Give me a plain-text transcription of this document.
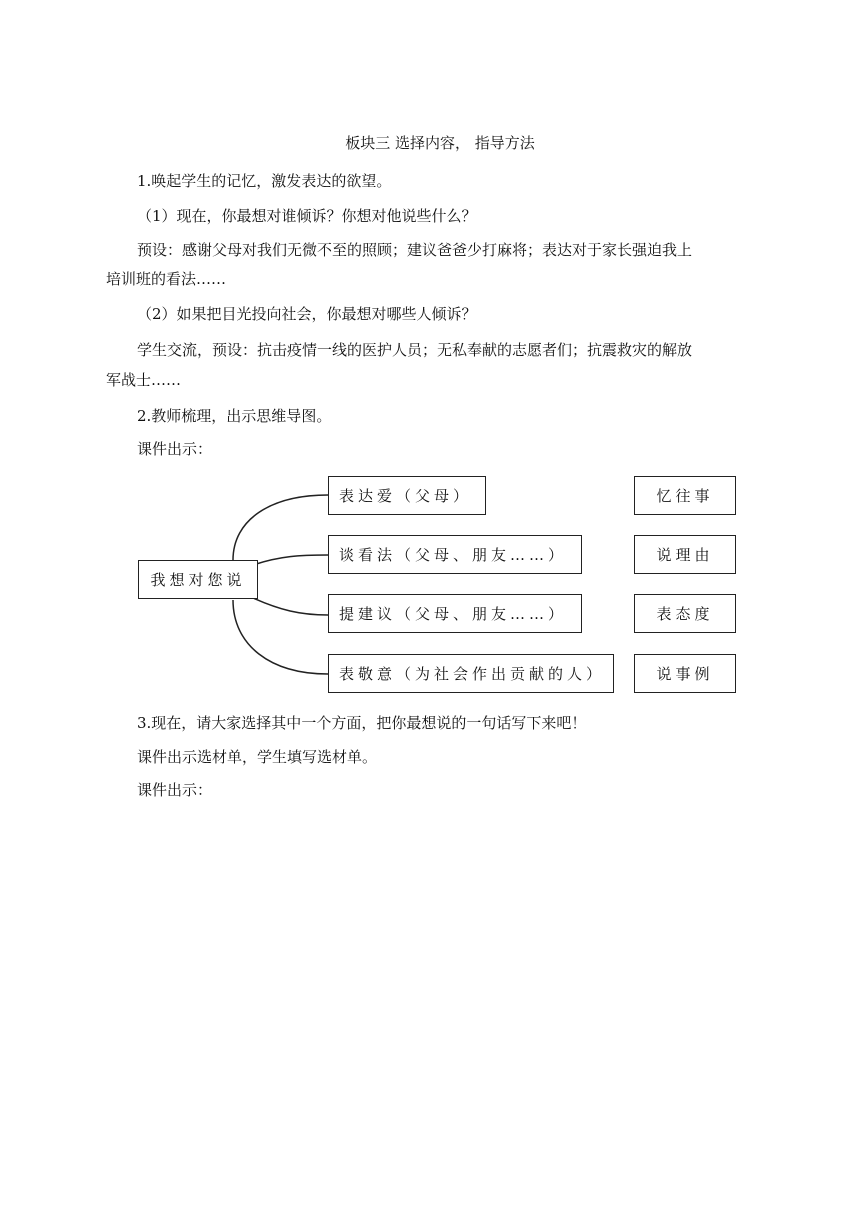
板块三 选择内容， 指导方法
1.唤起学生的记忆，激发表达的欲望。
（1）现在，你最想对谁倾诉？你想对他说些什么？
预设：感谢父母对我们无微不至的照顾；建议爸爸少打麻将；表达对于家长强迫我上
培训班的看法……
（2）如果把目光投向社会，你最想对哪些人倾诉？
学生交流，预设：抗击疫情一线的医护人员；无私奉献的志愿者们；抗震救灾的解放
军战士……
2.教师梳理，出示思维导图。
课件出示：
我想对您说
表达爱（父母）
谈看法（父母、朋友……）
提建议（父母、朋友……）
表敬意（为社会作出贡献的人）
忆往事
说理由
表态度
说事例
3.现在，请大家选择其中一个方面，把你最想说的一句话写下来吧！
课件出示选材单，学生填写选材单。
课件出示：
